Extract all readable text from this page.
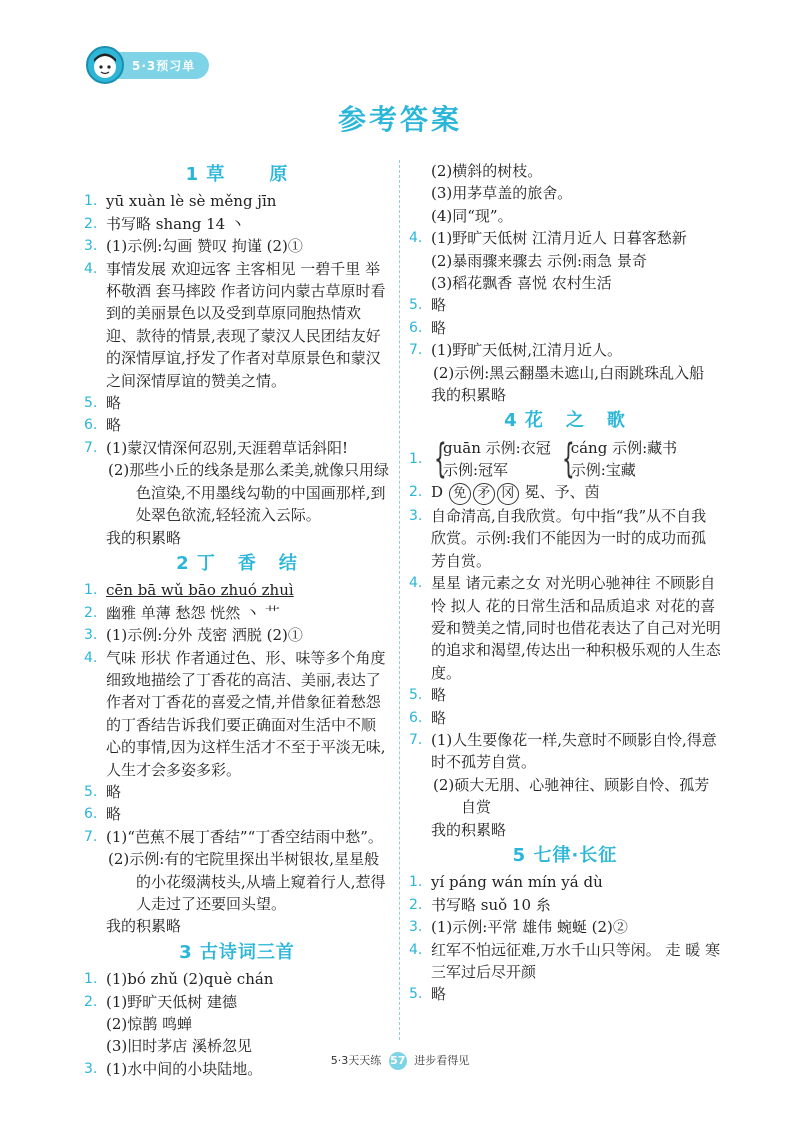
5·3预习单
参考答案
1 草 原
1. yū xuàn lè sè měng jīn
2. 书写略 shang 14 丶
3. (1)示例:勾画 赞叹 拘谨 (2)①
4. 事情发展 欢迎远客 主客相见 一碧千里 举杯敬酒 套马摔跤 作者访问内蒙古草原时看到的美丽景色以及受到草原同胞热情欢迎、款待的情景,表现了蒙汉人民团结友好的深情厚谊,抒发了作者对草原景色和蒙汉之间深情厚谊的赞美之情。
5. 略
6. 略
7. (1)蒙汉情深何忍别,天涯碧草话斜阳!
(2)那些小丘的线条是那么柔美,就像只用绿色渲染,不用墨线勾勒的中国画那样,到处翠色欲流,轻轻流入云际。
我的积累略
2 丁 香 结
1. cēn bā wǔ bāo zhuó zhuì
2. 幽雅 单薄 愁怨 恍然 丶 艹
3. (1)示例:分外 茂密 洒脱 (2)①
4. 气味 形状 作者通过色、形、味等多个角度细致地描绘了丁香花的高洁、美丽,表达了作者对丁香花的喜爱之情,并借象征着愁怨的丁香结告诉我们要正确面对生活中不顺心的事情,因为这样生活才不至于平淡无味,人生才会多姿多彩。
5. 略
6. 略
7. (1)“芭蕉不展丁香结”“丁香空结雨中愁”。
(2)示例:有的宅院里探出半树银妆,星星般的小花缀满枝头,从墙上窥着行人,惹得人走过了还要回头望。
我的积累略
3 古诗词三首
1. (1)bó zhǔ (2)què chán
2. (1)野旷天低树 建德
(2)惊鹊 鸣蝉
(3)旧时茅店 溪桥忽见
3. (1)水中间的小块陆地。
(2)横斜的树枝。
(3)用茅草盖的旅舍。
(4)同“现”。
4. (1)野旷天低树 江清月近人 日暮客愁新
(2)暴雨骤来骤去 示例:雨急 景奇
(3)稻花飘香 喜悦 农村生活
5. 略
6. 略
7. (1)野旷天低树,江清月近人。
(2)示例:黑云翻墨未遮山,白雨跳珠乱入船
我的积累略
4 花 之 歌
1. {
guān 示例:衣冠
示例:冠军	{
cáng 示例:藏书
示例:宝藏
2. D 免 矛 冈 冕、予、茵
3. 自命清高,自我欣赏。句中指“我”从不自我欣赏。示例:我们不能因为一时的成功而孤芳自赏。
4. 星星 诸元素之女 对光明心驰神往 不顾影自怜 拟人 花的日常生活和品质追求 对花的喜爱和赞美之情,同时也借花表达了自己对光明的追求和渴望,传达出一种积极乐观的人生态度。
5. 略
6. 略
7. (1)人生要像花一样,失意时不顾影自怜,得意时不孤芳自赏。
(2)硕大无朋、心驰神往、顾影自怜、孤芳自赏
我的积累略
5 七律·长征
1. yí páng wán mín yá dù
2. 书写略 suǒ 10 糸
3. (1)示例:平常 雄伟 蜿蜒 (2)②
4. 红军不怕远征难,万水千山只等闲。 走 暖 寒 三军过后尽开颜
5. 略
5·3天天练 57 进步看得见
